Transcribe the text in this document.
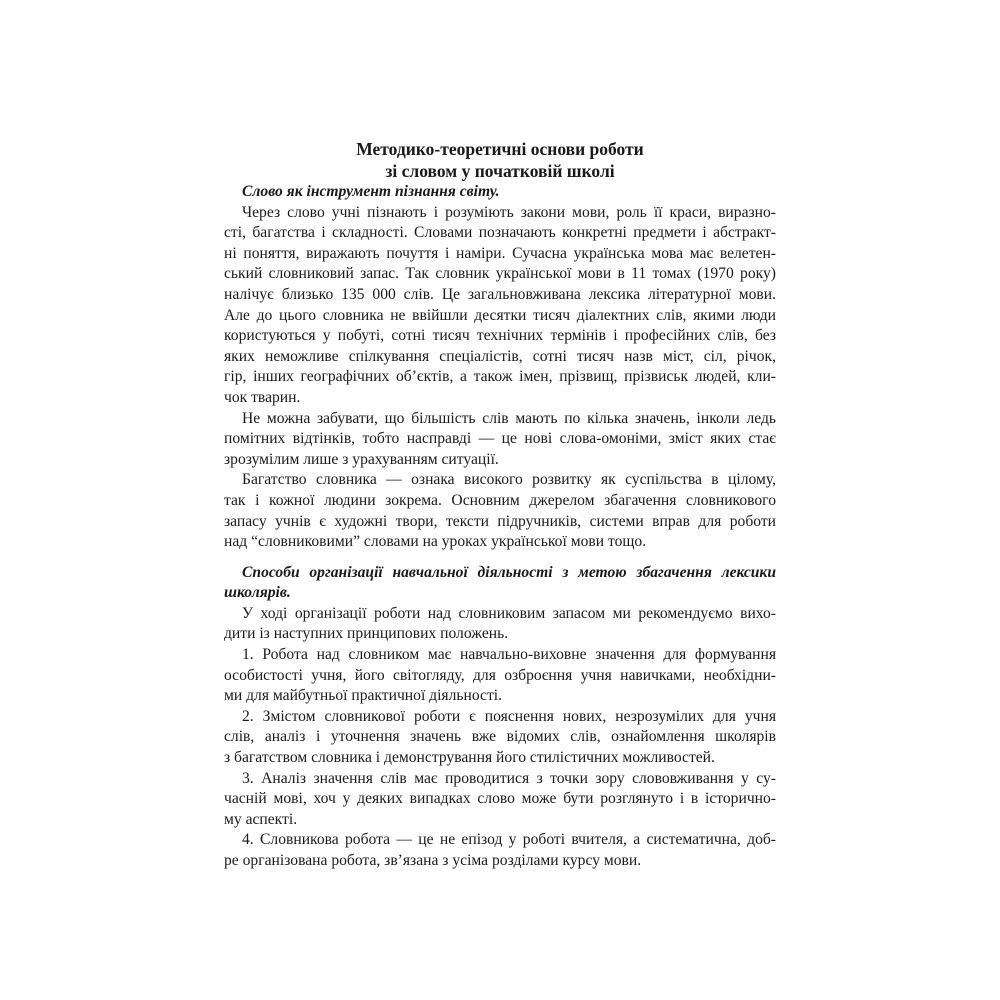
Методико-теоретичні основи роботи
зі словом у початковій школі

Слово як інструмент пізнання світу.

Через слово учні пізнають і розуміють закони мови, роль її краси, виразно-
сті, багатства і складності. Словами позначають конкретні предмети і абстракт-
ні поняття, виражають почуття і наміри. Сучасна українська мова має велетен-
ський словниковий запас. Так словник української мови в 11 томах (1970 року)
налічує близько 135 000 слів. Це загальновживана лексика літературної мови.
Але до цього словника не ввійшли десятки тисяч діалектних слів, якими люди
користуються у побуті, сотні тисяч технічних термінів і професійних слів, без
яких неможливе спілкування спеціалістів, сотні тисяч назв міст, сіл, річок,
гір, інших географічних об’єктів, а також імен, прізвищ, прізвиськ людей, кли-
чок тварин.
Не можна забувати, що більшість слів мають по кілька значень, інколи ледь
помітних відтінків, тобто насправді — це нові слова-омоніми, зміст яких стає
зрозумілим лише з урахуванням ситуації.
Багатство словника — ознака високого розвитку як суспільства в цілому,
так і кожної людини зокрема. Основним джерелом збагачення словникового
запасу учнів є художні твори, тексти підручників, системи вправ для роботи
над “словниковими” словами на уроках української мови тощо.
Способи організації навчальної діяльності з метою збагачення лексики
школярів.
У ході організації роботи над словниковим запасом ми рекомендуємо вихо-
дити із наступних принципових положень.
1. Робота над словником має навчально-виховне значення для формування
особистості учня, його світогляду, для озброєння учня навичками, необхідни-
ми для майбутньої практичної діяльності.
2. Змістом словникової роботи є пояснення нових, незрозумілих для учня
слів, аналіз і уточнення значень вже відомих слів, ознайомлення школярів
з багатством словника і демонстрування його стилістичних можливостей.
3. Аналіз значення слів має проводитися з точки зору слововживання у су-
часній мові, хоч у деяких випадках слово може бути розглянуто і в історично-
му аспекті.
4. Словникова робота — це не епізод у роботі вчителя, а систематична, доб-
ре організована робота, зв’язана з усіма розділами курсу мови.
